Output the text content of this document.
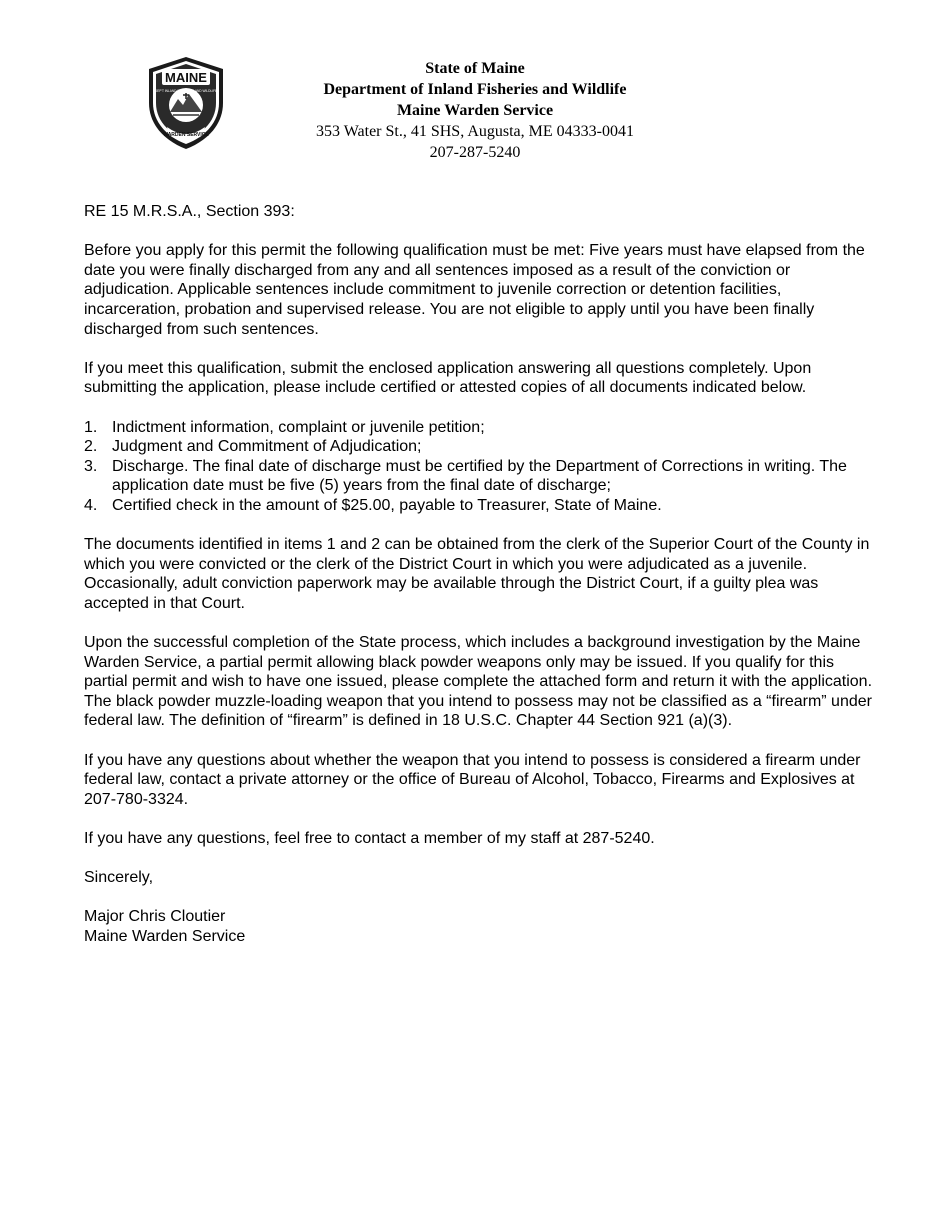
MAINE
WARDEN SERVICE
DEP'T INLAND FISHERIES AND WILDLIFE
State of Maine
Department of Inland Fisheries and Wildlife
Maine Warden Service
353 Water St., 41 SHS, Augusta, ME 04333-0041
207-287-5240

RE 15 M.R.S.A., Section 393:

Before you apply for this permit the following qualification must be met: Five years must have elapsed from the date you were finally discharged from any and all sentences imposed as a result of the conviction or adjudication. Applicable sentences include commitment to juvenile correction or detention facilities, incarceration, probation and supervised release. You are not eligible to apply until you have been finally discharged from such sentences.

If you meet this qualification, submit the enclosed application answering all questions completely. Upon submitting the application, please include certified or attested copies of all documents indicated below.

1. Indictment information, complaint or juvenile petition;
2. Judgment and Commitment of Adjudication;
3. Discharge. The final date of discharge must be certified by the Department of Corrections in writing. The application date must be five (5) years from the final date of discharge;
4. Certified check in the amount of $25.00, payable to Treasurer, State of Maine.

The documents identified in items 1 and 2 can be obtained from the clerk of the Superior Court of the County in which you were convicted or the clerk of the District Court in which you were adjudicated as a juvenile. Occasionally, adult conviction paperwork may be available through the District Court, if a guilty plea was accepted in that Court.

Upon the successful completion of the State process, which includes a background investigation by the Maine Warden Service, a partial permit allowing black powder weapons only may be issued. If you qualify for this partial permit and wish to have one issued, please complete the attached form and return it with the application. The black powder muzzle-loading weapon that you intend to possess may not be classified as a “firearm” under federal law. The definition of “firearm” is defined in 18 U.S.C. Chapter 44 Section 921 (a)(3).

If you have any questions about whether the weapon that you intend to possess is considered a firearm under federal law, contact a private attorney or the office of Bureau of Alcohol, Tobacco, Firearms and Explosives at 207-780-3324.

If you have any questions, feel free to contact a member of my staff at 287-5240.

Sincerely,

Major Chris Cloutier

Maine Warden Service
